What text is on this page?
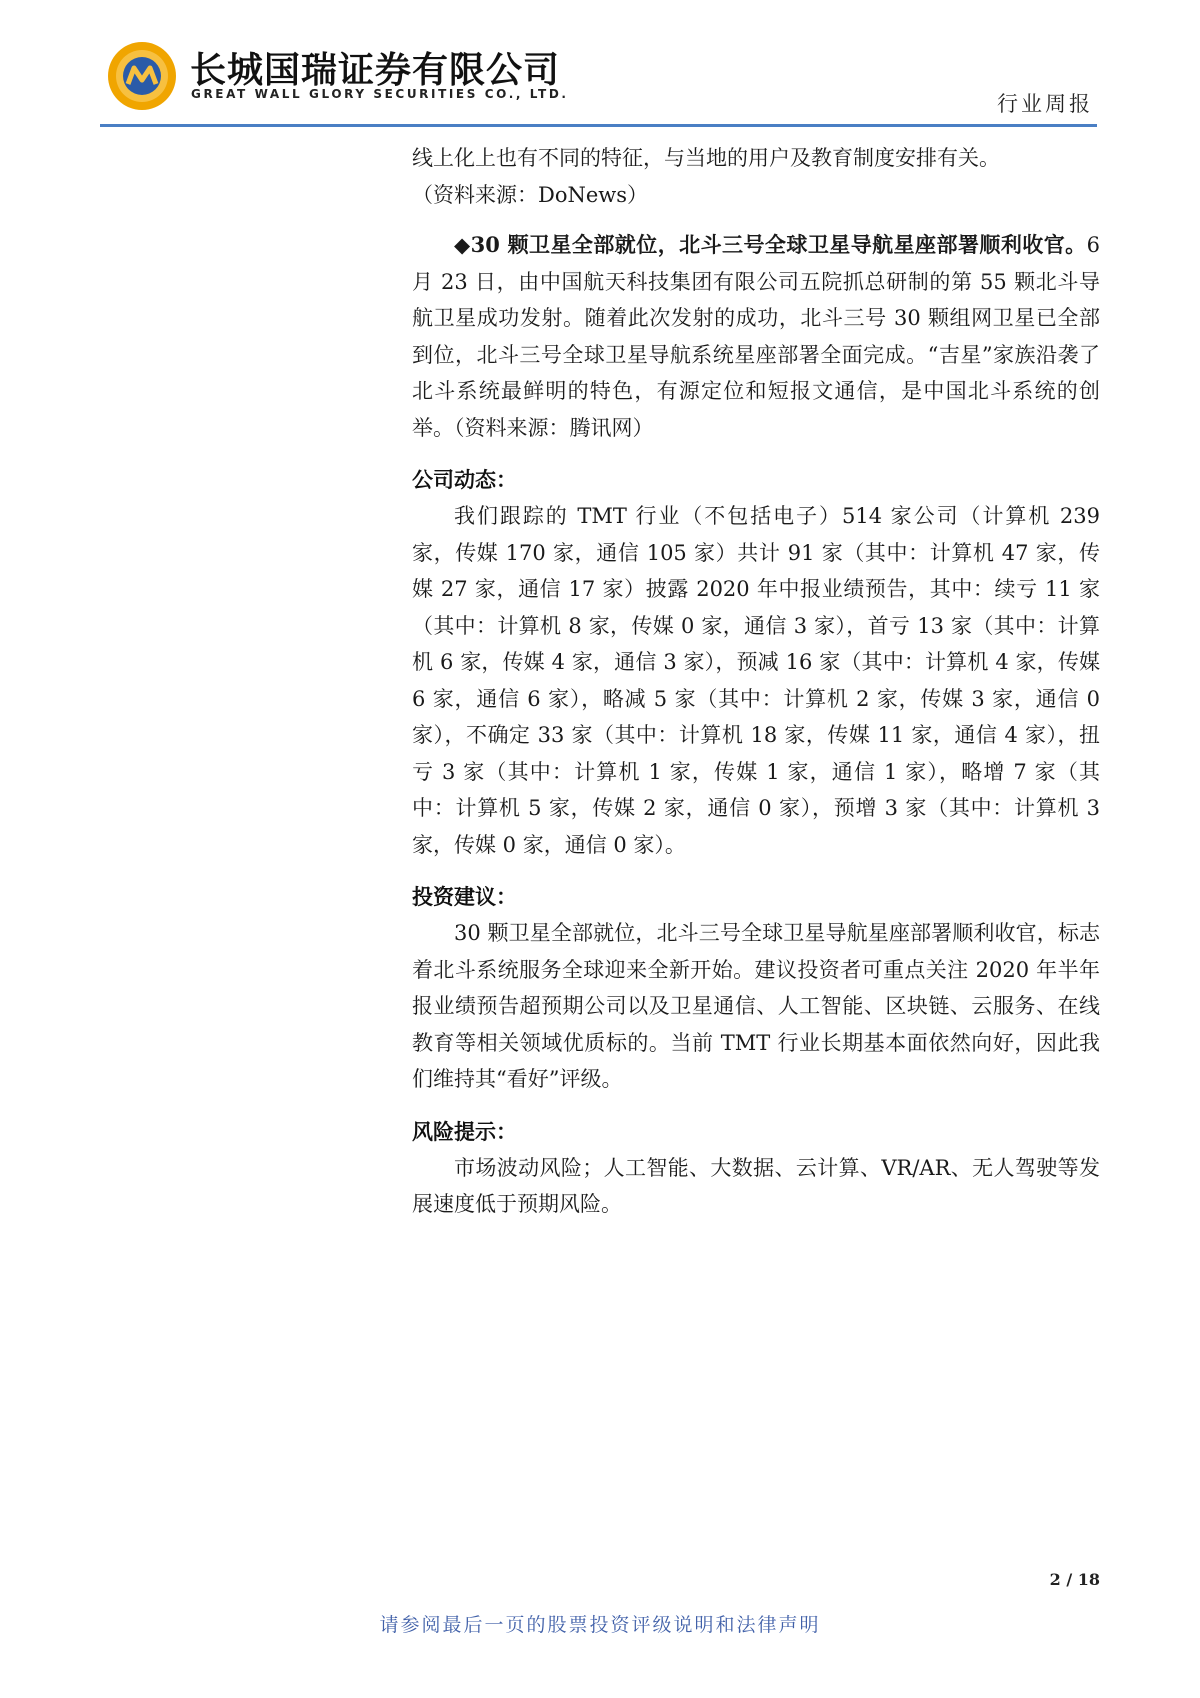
长城国瑞证券有限公司
GREAT WALL GLORY SECURITIES CO., LTD.	行业周报

线上化上也有不同的特征，与当地的用户及教育制度安排有关。

（资料来源：DoNews）

◆30 颗卫星全部就位，北斗三号全球卫星导航星座部署顺利收官。6 月 23 日，由中国航天科技集团有限公司五院抓总研制的第 55 颗北斗导航卫星成功发射。随着此次发射的成功，北斗三号 30 颗组网卫星已全部到位，北斗三号全球卫星导航系统星座部署全面完成。“吉星”家族沿袭了北斗系统最鲜明的特色，有源定位和短报文通信，是中国北斗系统的创举。（资料来源：腾讯网）

公司动态：

我们跟踪的 TMT 行业（不包括电子）514 家公司（计算机 239 家，传媒 170 家，通信 105 家）共计 91 家（其中：计算机 47 家，传媒 27 家，通信 17 家）披露 2020 年中报业绩预告，其中：续亏 11 家（其中：计算机 8 家，传媒 0 家，通信 3 家），首亏 13 家（其中：计算机 6 家，传媒 4 家，通信 3 家），预减 16 家（其中：计算机 4 家，传媒 6 家，通信 6 家），略减 5 家（其中：计算机 2 家，传媒 3 家，通信 0 家），不确定 33 家（其中：计算机 18 家，传媒 11 家，通信 4 家），扭亏 3 家（其中：计算机 1 家，传媒 1 家，通信 1 家），略增 7 家（其中：计算机 5 家，传媒 2 家，通信 0 家），预增 3 家（其中：计算机 3 家，传媒 0 家，通信 0 家）。

投资建议：

30 颗卫星全部就位，北斗三号全球卫星导航星座部署顺利收官，标志着北斗系统服务全球迎来全新开始。建议投资者可重点关注 2020 年半年报业绩预告超预期公司以及卫星通信、人工智能、区块链、云服务、在线教育等相关领域优质标的。当前 TMT 行业长期基本面依然向好，因此我们维持其“看好”评级。

风险提示：

市场波动风险；人工智能、大数据、云计算、VR/AR、无人驾驶等发展速度低于预期风险。

2 / 18
请参阅最后一页的股票投资评级说明和法律声明
